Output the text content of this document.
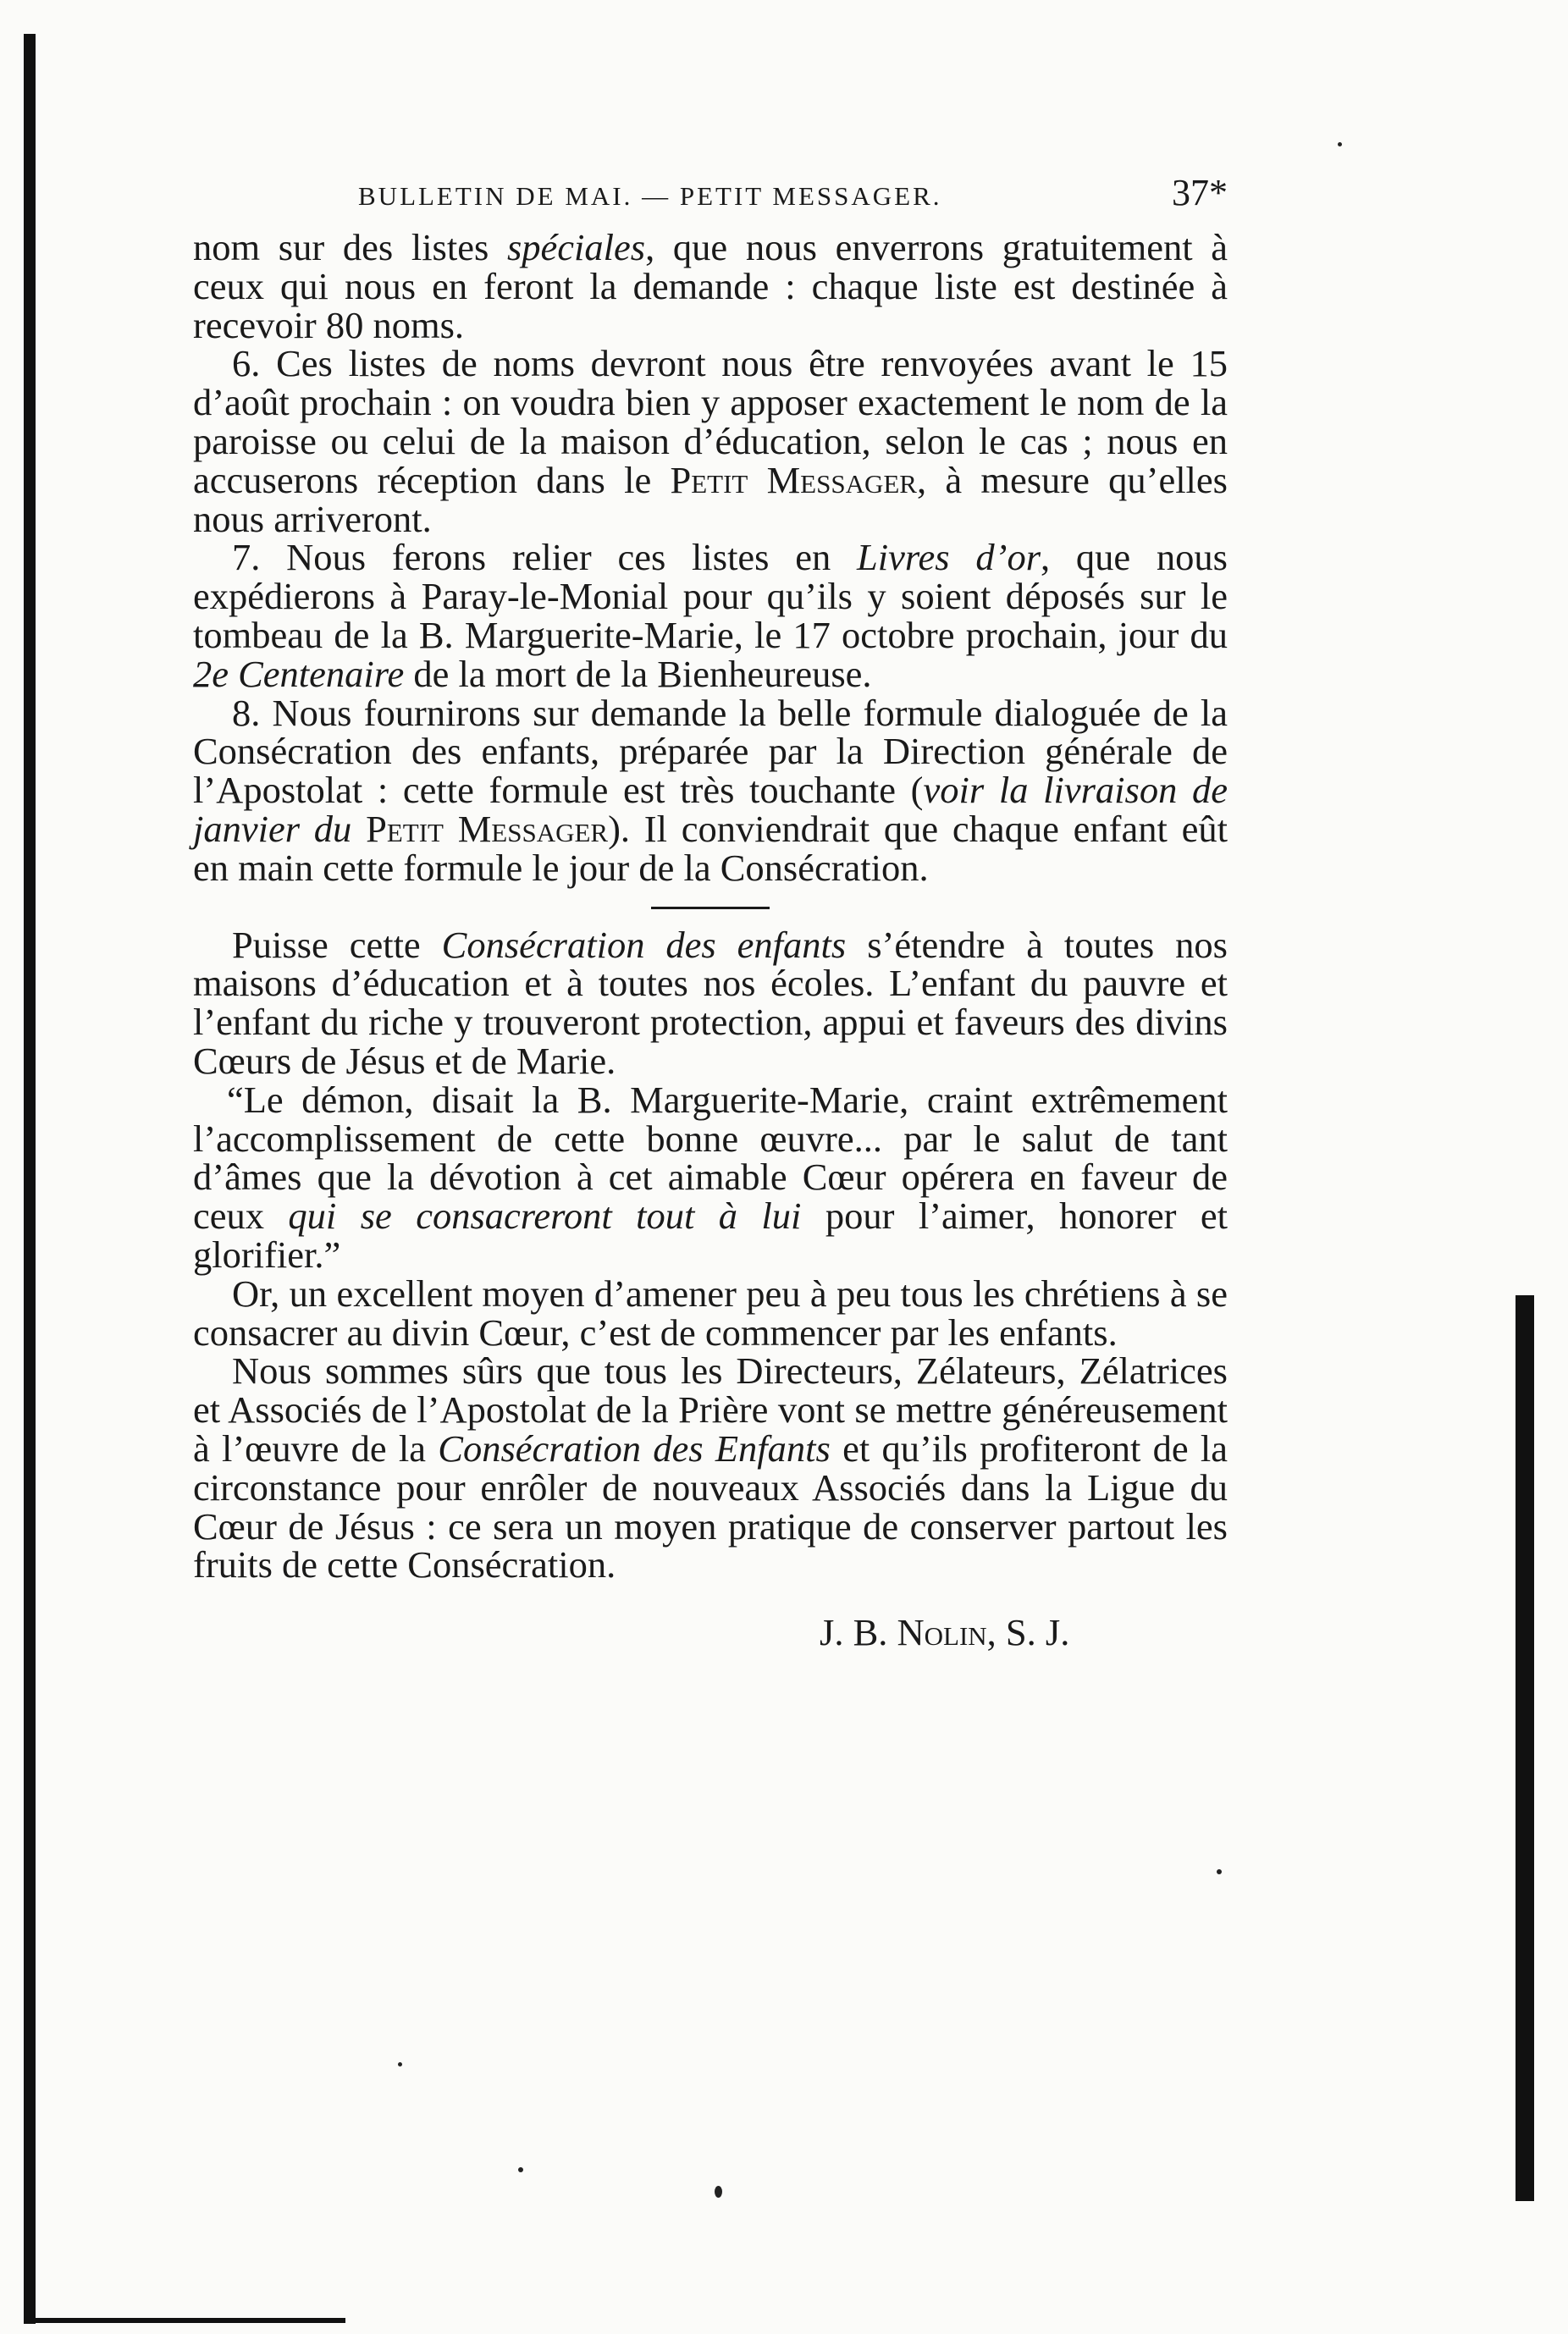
BULLETIN DE MAI. — PETIT MESSAGER.	37*

nom sur des listes spéciales, que nous enverrons gratuitement à ceux qui nous en feront la demande : chaque liste est destinée à recevoir 80 noms.

6. Ces listes de noms devront nous être renvoyées avant le 15 d’août prochain : on voudra bien y apposer exactement le nom de la paroisse ou celui de la maison d’éducation, selon le cas ; nous en accuserons réception dans le Petit Messager, à mesure qu’elles nous arriveront.

7. Nous ferons relier ces listes en Livres d’or, que nous expédierons à Paray-le-Monial pour qu’ils y soient déposés sur le tombeau de la B. Marguerite-Marie, le 17 octobre prochain, jour du 2e Centenaire de la mort de la Bienheureuse.

8. Nous fournirons sur demande la belle formule dialoguée de la Consécration des enfants, préparée par la Direction générale de l’Apostolat : cette formule est très touchante (voir la livraison de janvier du Petit Messager). Il conviendrait que chaque enfant eût en main cette formule le jour de la Consécration.

Puisse cette Consécration des enfants s’étendre à toutes nos maisons d’éducation et à toutes nos écoles. L’enfant du pauvre et l’enfant du riche y trouveront protection, appui et faveurs des divins Cœurs de Jésus et de Marie.

“Le démon, disait la B. Marguerite-Marie, craint extrêmement l’accomplissement de cette bonne œuvre... par le salut de tant d’âmes que la dévotion à cet aimable Cœur opérera en faveur de ceux qui se consacreront tout à lui pour l’aimer, honorer et glorifier.”

Or, un excellent moyen d’amener peu à peu tous les chrétiens à se consacrer au divin Cœur, c’est de commencer par les enfants.

Nous sommes sûrs que tous les Directeurs, Zélateurs, Zélatrices et Associés de l’Apostolat de la Prière vont se mettre généreusement à l’œuvre de la Consécration des Enfants et qu’ils profiteront de la circonstance pour enrôler de nouveaux Associés dans la Ligue du Cœur de Jésus : ce sera un moyen pratique de conserver partout les fruits de cette Consécration.

J. B. Nolin, S. J.
